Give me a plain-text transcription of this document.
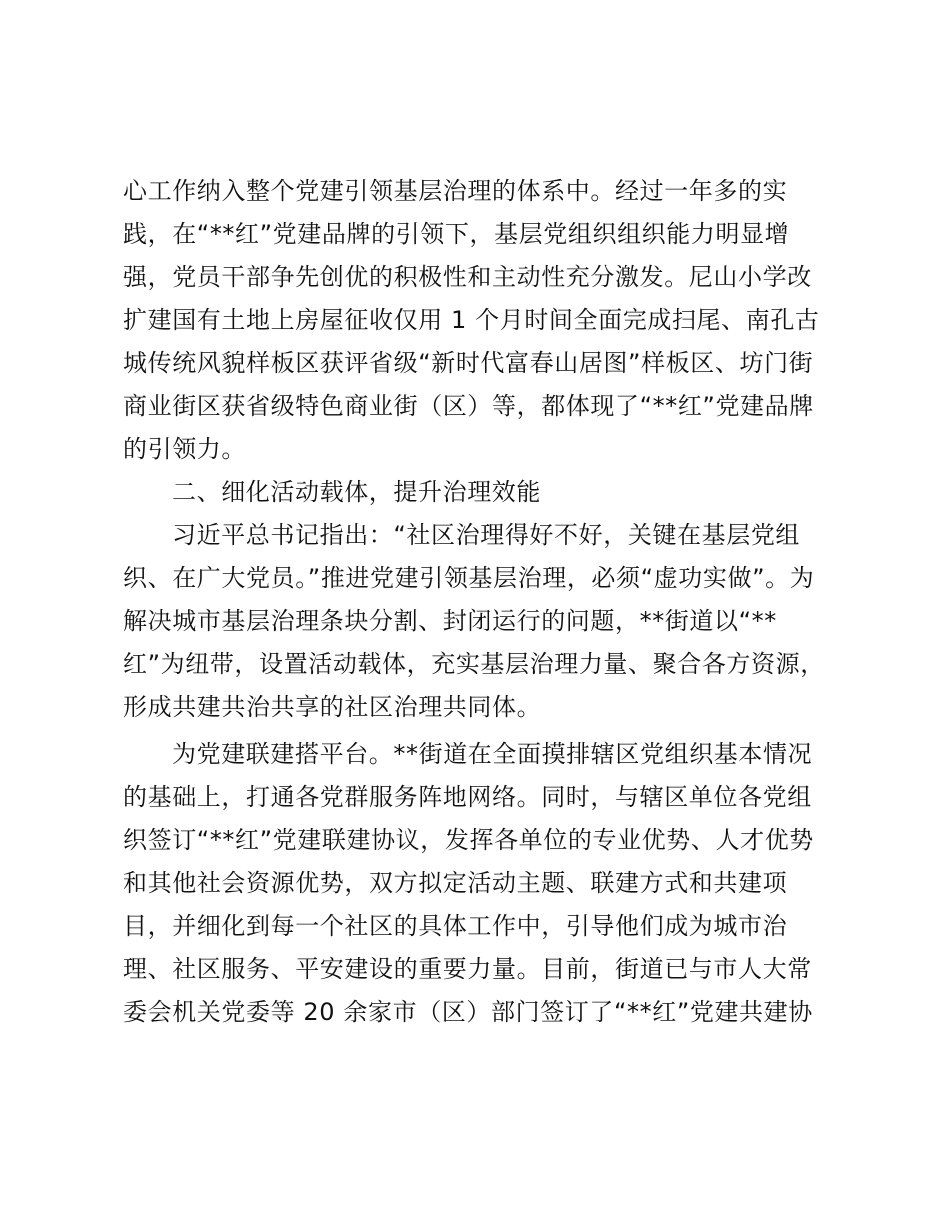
心工作纳入整个党建引领基层治理的体系中。经过一年多的实
践，在“**红”党建品牌的引领下，基层党组织组织能力明显增
强，党员干部争先创优的积极性和主动性充分激发。尼山小学改
扩建国有土地上房屋征收仅用 1 个月时间全面完成扫尾、南孔古
城传统风貌样板区获评省级“新时代富春山居图”样板区、坊门街
商业街区获省级特色商业街（区）等，都体现了“**红”党建品牌
的引领力。
二、细化活动载体，提升治理效能
习近平总书记指出：“社区治理得好不好，关键在基层党组
织、在广大党员。”推进党建引领基层治理，必须“虚功实做”。为
解决城市基层治理条块分割、封闭运行的问题，**街道以“**
红”为纽带，设置活动载体，充实基层治理力量、聚合各方资源，
形成共建共治共享的社区治理共同体。
为党建联建搭平台。**街道在全面摸排辖区党组织基本情况
的基础上，打通各党群服务阵地网络。同时，与辖区单位各党组
织签订“**红”党建联建协议，发挥各单位的专业优势、人才优势
和其他社会资源优势，双方拟定活动主题、联建方式和共建项
目，并细化到每一个社区的具体工作中，引导他们成为城市治
理、社区服务、平安建设的重要力量。目前，街道已与市人大常
委会机关党委等 20 余家市（区）部门签订了“**红”党建共建协
